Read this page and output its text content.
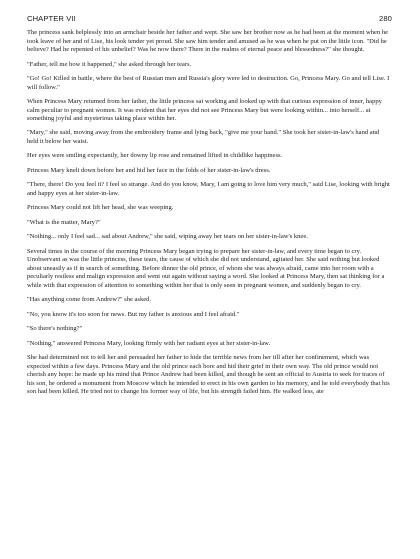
CHAPTER VII	280

The princess sank helplessly into an armchair beside her father and wept. She saw her brother now as he had been at the moment when he took leave of her and of Lise, his look tender yet proud. She saw him tender and amused as he was when he put on the little icon. "Did he believe? Had he repented of his unbelief? Was he now there? There in the realms of eternal peace and blessedness?" she thought.

"Father, tell me how it happened," she asked through her tears.

"Go! Go! Killed in battle, where the best of Russian men and Russia's glory were led to destruction. Go, Princess Mary. Go and tell Lise. I will follow."

When Princess Mary returned from her father, the little princess sat working and looked up with that curious expression of inner, happy calm peculiar to pregnant women. It was evident that her eyes did not see Princess Mary but were looking within... into herself... at something joyful and mysterious taking place within her.

"Mary," she said, moving away from the embroidery frame and lying back, "give me your hand." She took her sister-in-law's hand and held it below her waist.

Her eyes were smiling expectantly, her downy lip rose and remained lifted in childlike happiness.

Princess Mary knelt down before her and hid her face in the folds of her sister-in-law's dress.

"There, there! Do you feel it? I feel so strange. And do you know, Mary, I am going to love him very much," said Lise, looking with bright and happy eyes at her sister-in-law.

Princess Mary could not lift her head, she was weeping.

"What is the matter, Mary?"

"Nothing... only I feel sad... sad about Andrew," she said, wiping away her tears on her sister-in-law's knee.

Several times in the course of the morning Princess Mary began trying to prepare her sister-in-law, and every time began to cry. Unobservant as was the little princess, these tears, the cause of which she did not understand, agitated her. She said nothing but looked about uneasily as if in search of something. Before dinner the old prince, of whom she was always afraid, came into her room with a peculiarly restless and malign expression and went out again without saying a word. She looked at Princess Mary, then sat thinking for a while with that expression of attention to something within her that is only seen in pregnant women, and suddenly began to cry.

"Has anything come from Andrew?" she asked.

"No, you know it's too soon for news. But my father is anxious and I feel afraid."

"So there's nothing?"

"Nothing," answered Princess Mary, looking firmly with her radiant eyes at her sister-in-law.

She had determined not to tell her and persuaded her father to hide the terrible news from her till after her confinement, which was expected within a few days. Princess Mary and the old prince each bore and hid their grief in their own way. The old prince would not cherish any hope: he made up his mind that Prince Andrew had been killed, and though he sent an official to Austria to seek for traces of his son, he ordered a monument from Moscow which he intended to erect in his own garden to his memory, and he told everybody that his son had been killed. He tried not to change his former way of life, but his strength failed him. He walked less, ate
